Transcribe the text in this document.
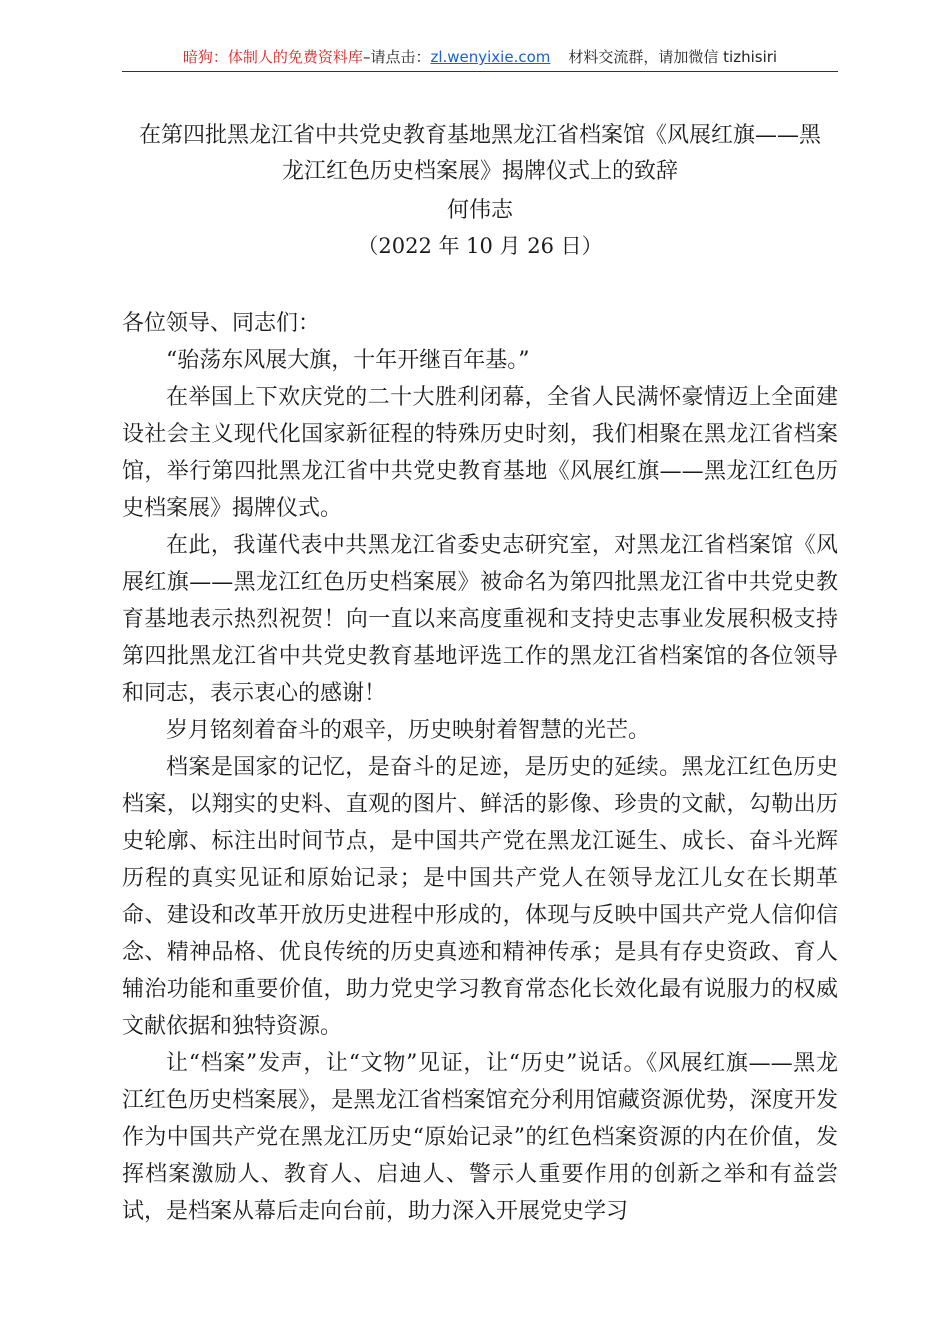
暗狗：体制人的免费资料库–请点击：zl.wenyixie.com 材料交流群，请加微信 tizhisiri
在第四批黑龙江省中共党史教育基地黑龙江省档案馆《风展红旗——黑
龙江红色历史档案展》揭牌仪式上的致辞
何伟志
（2022 年 10 月 26 日）

各位领导、同志们：

“骀荡东风展大旗，十年开继百年基。”

在举国上下欢庆党的二十大胜利闭幕，全省人民满怀豪情迈上全面建设社会主义现代化国家新征程的特殊历史时刻，我们相聚在黑龙江省档案馆，举行第四批黑龙江省中共党史教育基地《风展红旗——黑龙江红色历史档案展》揭牌仪式。

在此，我谨代表中共黑龙江省委史志研究室，对黑龙江省档案馆《风展红旗——黑龙江红色历史档案展》被命名为第四批黑龙江省中共党史教育基地表示热烈祝贺！向一直以来高度重视和支持史志事业发展积极支持第四批黑龙江省中共党史教育基地评选工作的黑龙江省档案馆的各位领导和同志，表示衷心的感谢！

岁月铭刻着奋斗的艰辛，历史映射着智慧的光芒。

档案是国家的记忆，是奋斗的足迹，是历史的延续。黑龙江红色历史档案，以翔实的史料、直观的图片、鲜活的影像、珍贵的文献，勾勒出历史轮廓、标注出时间节点，是中国共产党在黑龙江诞生、成长、奋斗光辉历程的真实见证和原始记录；是中国共产党人在领导龙江儿女在长期革命、建设和改革开放历史进程中形成的，体现与反映中国共产党人信仰信念、精神品格、优良传统的历史真迹和精神传承；是具有存史资政、育人辅治功能和重要价值，助力党史学习教育常态化长效化最有说服力的权威文献依据和独特资源。

让“档案”发声，让“文物”见证，让“历史”说话。《风展红旗——黑龙江红色历史档案展》，是黑龙江省档案馆充分利用馆藏资源优势，深度开发作为中国共产党在黑龙江历史“原始记录”的红色档案资源的内在价值，发挥档案激励人、教育人、启迪人、警示人重要作用的创新之举和有益尝试，是档案从幕后走向台前，助力深入开展党史学习
